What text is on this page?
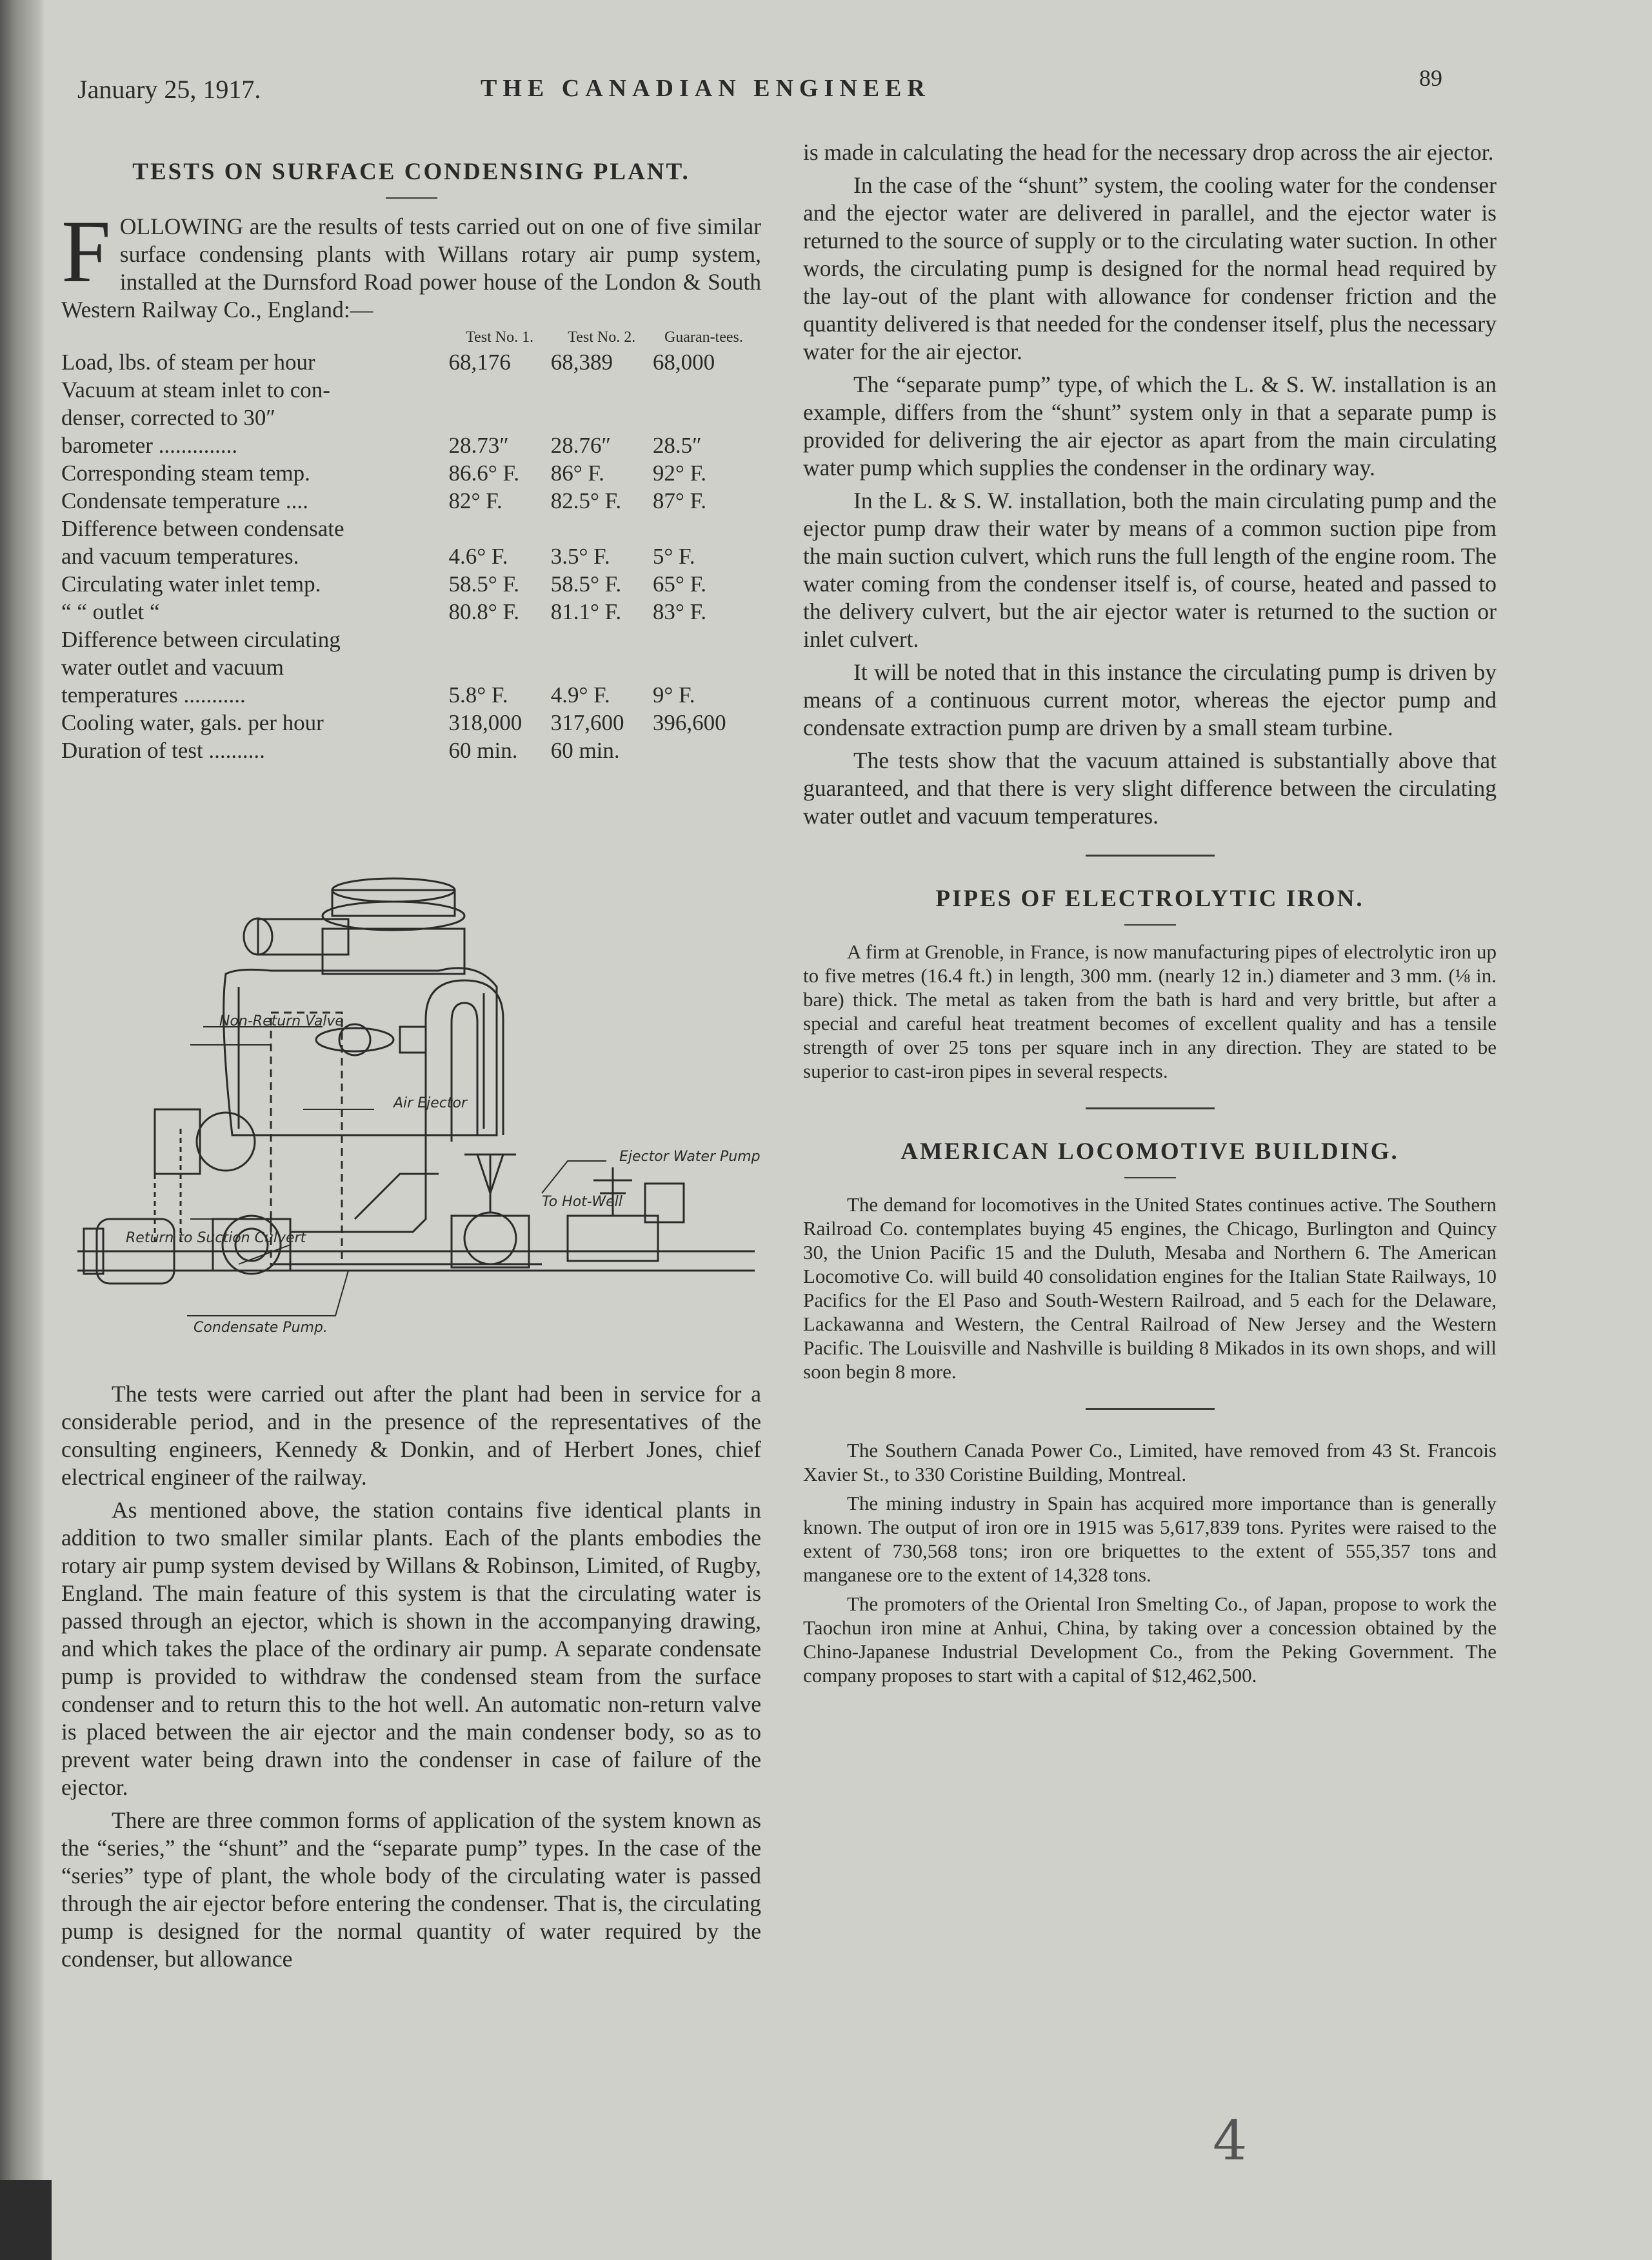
January 25, 1917.	THE CANADIAN ENGINEER	89
TESTS ON SURFACE CONDENSING PLANT.

FOLLOWING are the results of tests carried out on one of five similar surface condensing plants with Willans rotary air pump system, installed at the Durnsford Road power house of the London & South Western Railway Co., England:—

	Test No. 1.	Test No. 2.	Guaran-tees.
Load, lbs. of steam per hour	68,176	68,389	68,000
Vacuum at steam inlet to con-			
denser, corrected to 30″			
barometer ..............	28.73″	28.76″	28.5″
Corresponding steam temp.	86.6° F.	86° F.	92° F.
Condensate temperature ....	82° F.	82.5° F.	87° F.
Difference between condensate			
and vacuum temperatures.	4.6° F.	3.5° F.	5° F.
Circulating water inlet temp.	58.5° F.	58.5° F.	65° F.
“ “ outlet “	80.8° F.	81.1° F.	83° F.
Difference between circulating			
water outlet and vacuum			
temperatures ...........	5.8° F.	4.9° F.	9° F.
Cooling water, gals. per hour	318,000	317,600	396,600
Duration of test ..........	60 min.	60 min.	
Non-Return Valve
Air Ejector
Ejector Water Pump.
To Hot-Well
Return to Suction Culvert
Condensate Pump.

The tests were carried out after the plant had been in service for a considerable period, and in the presence of the representatives of the consulting engineers, Kennedy & Donkin, and of Herbert Jones, chief electrical engineer of the railway.

As mentioned above, the station contains five identical plants in addition to two smaller similar plants. Each of the plants embodies the rotary air pump system devised by Willans & Robinson, Limited, of Rugby, England. The main feature of this system is that the circulating water is passed through an ejector, which is shown in the accompanying drawing, and which takes the place of the ordinary air pump. A separate condensate pump is provided to withdraw the condensed steam from the surface condenser and to return this to the hot well. An automatic non-return valve is placed between the air ejector and the main condenser body, so as to prevent water being drawn into the condenser in case of failure of the ejector.

There are three common forms of application of the system known as the “series,” the “shunt” and the “separate pump” types. In the case of the “series” type of plant, the whole body of the circulating water is passed through the air ejector before entering the condenser. That is, the circulating pump is designed for the normal quantity of water required by the condenser, but allowance

is made in calculating the head for the necessary drop across the air ejector.

In the case of the “shunt” system, the cooling water for the condenser and the ejector water are delivered in parallel, and the ejector water is returned to the source of supply or to the circulating water suction. In other words, the circulating pump is designed for the normal head required by the lay-out of the plant with allowance for condenser friction and the quantity delivered is that needed for the condenser itself, plus the necessary water for the air ejector.

The “separate pump” type, of which the L. & S. W. installation is an example, differs from the “shunt” system only in that a separate pump is provided for delivering the air ejector as apart from the main circulating water pump which supplies the condenser in the ordinary way.

In the L. & S. W. installation, both the main circulating pump and the ejector pump draw their water by means of a common suction pipe from the main suction culvert, which runs the full length of the engine room. The water coming from the condenser itself is, of course, heated and passed to the delivery culvert, but the air ejector water is returned to the suction or inlet culvert.

It will be noted that in this instance the circulating pump is driven by means of a continuous current motor, whereas the ejector pump and condensate extraction pump are driven by a small steam turbine.

The tests show that the vacuum attained is substantially above that guaranteed, and that there is very slight difference between the circulating water outlet and vacuum temperatures.

PIPES OF ELECTROLYTIC IRON.

A firm at Grenoble, in France, is now manufacturing pipes of electrolytic iron up to five metres (16.4 ft.) in length, 300 mm. (nearly 12 in.) diameter and 3 mm. (⅛ in. bare) thick. The metal as taken from the bath is hard and very brittle, but after a special and careful heat treatment becomes of excellent quality and has a tensile strength of over 25 tons per square inch in any direction. They are stated to be superior to cast-iron pipes in several respects.

AMERICAN LOCOMOTIVE BUILDING.

The demand for locomotives in the United States continues active. The Southern Railroad Co. contemplates buying 45 engines, the Chicago, Burlington and Quincy 30, the Union Pacific 15 and the Duluth, Mesaba and Northern 6. The American Locomotive Co. will build 40 consolidation engines for the Italian State Railways, 10 Pacifics for the El Paso and South-Western Railroad, and 5 each for the Delaware, Lackawanna and Western, the Central Railroad of New Jersey and the Western Pacific. The Louisville and Nashville is building 8 Mikados in its own shops, and will soon begin 8 more.

The Southern Canada Power Co., Limited, have removed from 43 St. Francois Xavier St., to 330 Coristine Building, Montreal.

The mining industry in Spain has acquired more importance than is generally known. The output of iron ore in 1915 was 5,617,839 tons. Pyrites were raised to the extent of 730,568 tons; iron ore briquettes to the extent of 555,357 tons and manganese ore to the extent of 14,328 tons.

The promoters of the Oriental Iron Smelting Co., of Japan, propose to work the Taochun iron mine at Anhui, China, by taking over a concession obtained by the Chino-Japanese Industrial Development Co., from the Peking Government. The company proposes to start with a capital of $12,462,500.

4
